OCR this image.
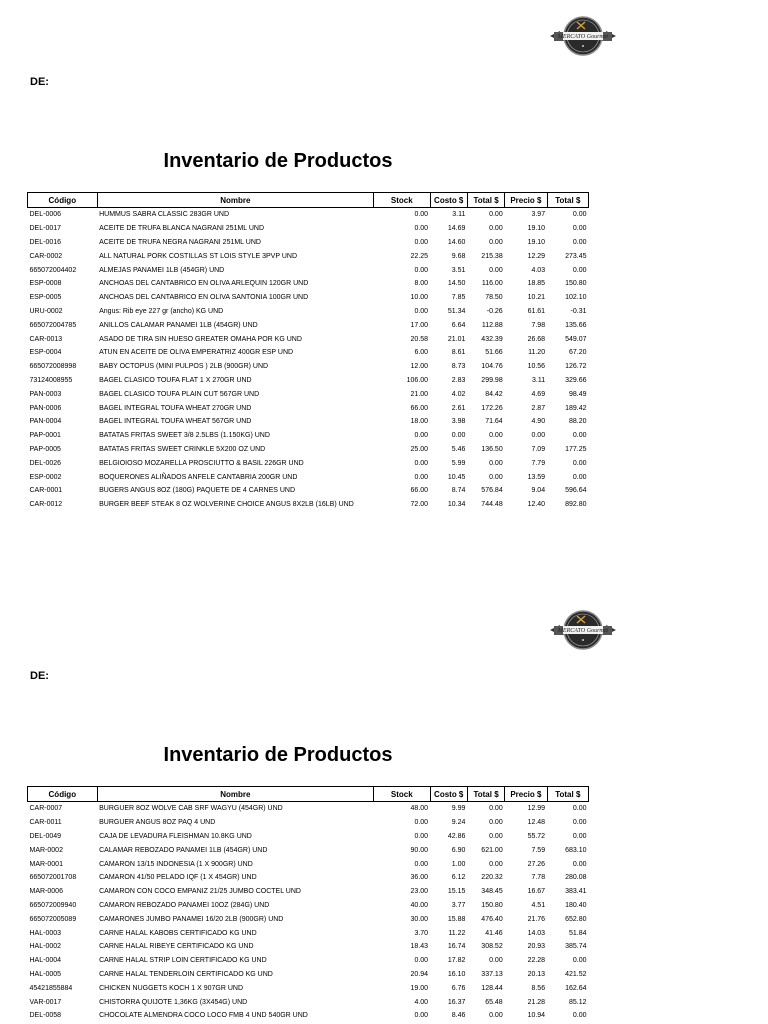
MERCATO Gourmet
DE:
Inventario de Productos
Código	Nombre	Stock	Costo $	Total $	Precio $	Total $
DEL-0006	HUMMUS SABRA CLASSIC 283GR UND	0.00	3.11	0.00	3.97	0.00
DEL-0017	ACEITE DE TRUFA BLANCA NAGRANI 251ML UND	0.00	14.69	0.00	19.10	0.00
DEL-0016	ACEITE DE TRUFA NEGRA NAGRANI 251ML UND	0.00	14.60	0.00	19.10	0.00
CAR-0002	ALL NATURAL PORK COSTILLAS ST LOIS STYLE 3PVP UND	22.25	9.68	215.38	12.29	273.45
665072004402	ALMEJAS PANAMEI 1LB (454GR) UND	0.00	3.51	0.00	4.03	0.00
ESP-0008	ANCHOAS DEL CANTABRICO EN OLIVA ARLEQUIN 120GR UND	8.00	14.50	116.00	18.85	150.80
ESP-0005	ANCHOAS DEL CANTABRICO EN OLIVA SANTONIA 100GR UND	10.00	7.85	78.50	10.21	102.10
URU-0002	Angus: Rib eye 227 gr (ancho) KG UND	0.00	51.34	-0.26	61.61	-0.31
665072004785	ANILLOS CALAMAR PANAMEI 1LB (454GR) UND	17.00	6.64	112.88	7.98	135.66
CAR-0013	ASADO DE TIRA SIN HUESO GREATER OMAHA POR KG UND	20.58	21.01	432.39	26.68	549.07
ESP-0004	ATUN EN ACEITE DE OLIVA EMPERATRIZ 400GR ESP UND	6.00	8.61	51.66	11.20	67.20
665072008998	BABY OCTOPUS (MINI PULPOS ) 2LB (900GR) UND	12.00	8.73	104.76	10.56	126.72
73124008955	BAGEL CLASICO TOUFA FLAT 1 X 270GR UND	106.00	2.83	299.98	3.11	329.66
PAN-0003	BAGEL CLASICO TOUFA PLAIN CUT 567GR UND	21.00	4.02	84.42	4.69	98.49
PAN-0006	BAGEL INTEGRAL TOUFA WHEAT 270GR UND	66.00	2.61	172.26	2.87	189.42
PAN-0004	BAGEL INTEGRAL TOUFA WHEAT 567GR UND	18.00	3.98	71.64	4.90	88.20
PAP-0001	BATATAS FRITAS SWEET 3/8 2.5LBS (1.150KG) UND	0.00	0.00	0.00	0.00	0.00
PAP-0005	BATATAS FRITAS SWEET CRINKLE 5X200 OZ UND	25.00	5.46	136.50	7.09	177.25
DEL-0026	BELGIOIOSO MOZARELLA PROSCIUTTO & BASIL 226GR UND	0.00	5.99	0.00	7.79	0.00
ESP-0002	BOQUERONES ALIÑADOS ANFELE CANTABRIA 200GR UND	0.00	10.45	0.00	13.59	0.00
CAR-0001	BUGERS ANGUS 8OZ (180G) PAQUETE DE 4 CARNES UND	66.00	8.74	576.84	9.04	596.64
CAR-0012	BURGER BEEF STEAK 8 OZ WOLVERINE CHOICE ANGUS 8X2LB (16LB) UND	72.00	10.34	744.48	12.40	892.80
MERCATO Gourmet
DE:
Inventario de Productos
Código	Nombre	Stock	Costo $	Total $	Precio $	Total $
CAR-0007	BURGUER 8OZ WOLVE CAB SRF WAGYU (454GR) UND	48.00	9.99	0.00	12.99	0.00
CAR-0011	BURGUER ANGUS 8OZ PAQ 4 UND	0.00	9.24	0.00	12.48	0.00
DEL-0049	CAJA DE LEVADURA FLEISHMAN 10.8KG UND	0.00	42.86	0.00	55.72	0.00
MAR-0002	CALAMAR REBOZADO PANAMEI 1LB (454GR) UND	90.00	6.90	621.00	7.59	683.10
MAR-0001	CAMARON 13/15 INDONESIA (1 X 900GR) UND	0.00	1.00	0.00	27.26	0.00
665072001708	CAMARON 41/50 PELADO IQF (1 X 454GR) UND	36.00	6.12	220.32	7.78	280.08
MAR-0006	CAMARON CON COCO EMPANIZ 21/25 JUMBO COCTEL UND	23.00	15.15	348.45	16.67	383.41
665072009940	CAMARON REBOZADO PANAMEI 10OZ (284G) UND	40.00	3.77	150.80	4.51	180.40
665072005089	CAMARONES JUMBO PANAMEI 16/20 2LB (900GR) UND	30.00	15.88	476.40	21.76	652.80
HAL-0003	CARNE HALAL KABOBS CERTIFICADO KG UND	3.70	11.22	41.46	14.03	51.84
HAL-0002	CARNE HALAL RIBEYE CERTIFICADO KG UND	18.43	16.74	308.52	20.93	385.74
HAL-0004	CARNE HALAL STRIP LOIN CERTIFICADO KG UND	0.00	17.82	0.00	22.28	0.00
HAL-0005	CARNE HALAL TENDERLOIN CERTIFICADO KG UND	20.94	16.10	337.13	20.13	421.52
45421855884	CHICKEN NUGGETS KOCH 1 X 907GR UND	19.00	6.76	128.44	8.56	162.64
VAR-0017	CHISTORRA QUIJOTE 1,36KG (3X454G) UND	4.00	16.37	65.48	21.28	85.12
DEL-0058	CHOCOLATE ALMENDRA COCO LOCO FMB 4 UND 540GR UND	0.00	8.46	0.00	10.94	0.00
